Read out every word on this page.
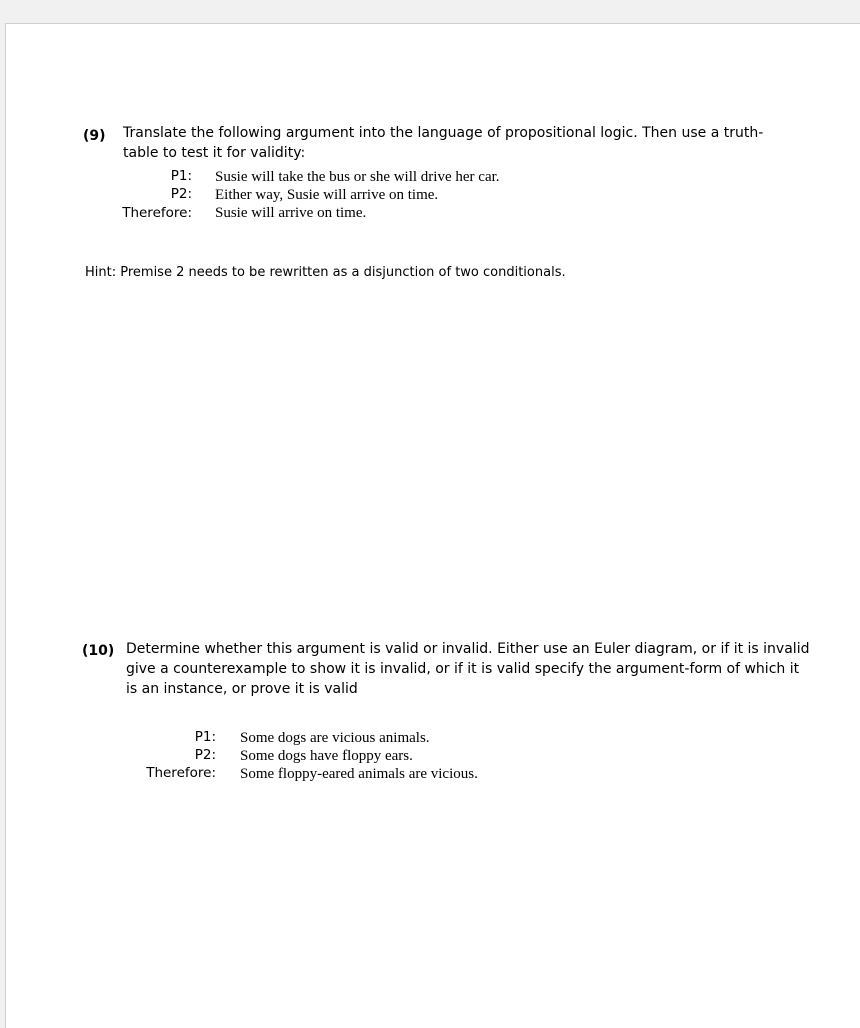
(9) Translate the following argument into the language of propositional logic. Then use a truth-
table to test it for validity:
P1: Susie will take the bus or she will drive her car.
P2: Either way, Susie will arrive on time.
Therefore: Susie will arrive on time.
Hint: Premise 2 needs to be rewritten as a disjunction of two conditionals.
(10) Determine whether this argument is valid or invalid. Either use an Euler diagram, or if it is invalid
give a counterexample to show it is invalid, or if it is valid specify the argument-form of which it
is an instance, or prove it is valid
P1: Some dogs are vicious animals.
P2: Some dogs have floppy ears.
Therefore: Some floppy-eared animals are vicious.
